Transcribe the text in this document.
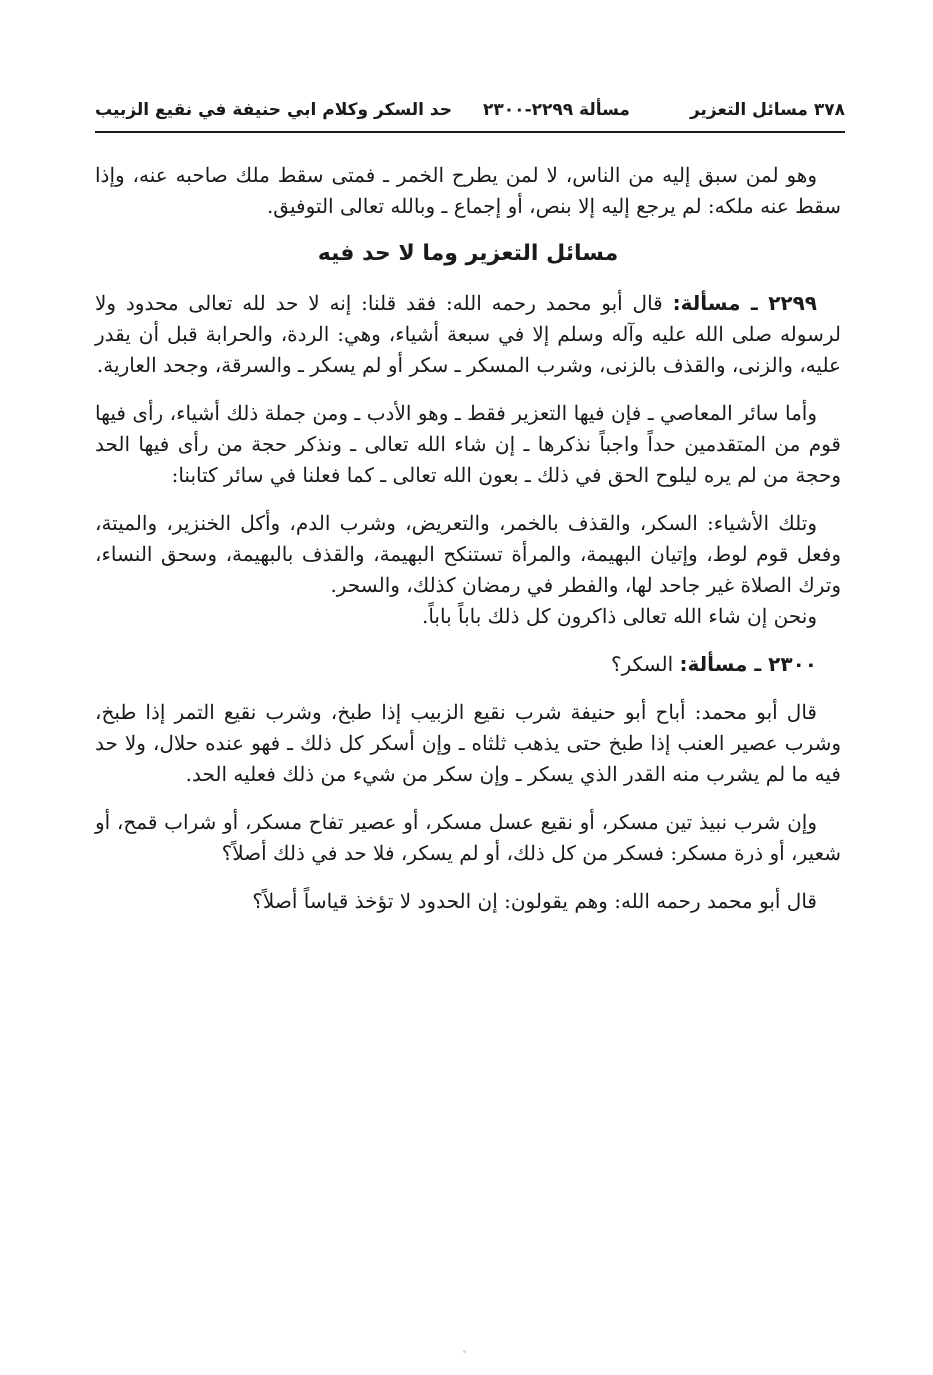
٣٧٨ مسائل التعزير
مسألة ٢٢٩٩-٢٣٠٠
حد السكر وكلام ابي حنيفة في نقيع الزبيب

وهو لمن سبق إليه من الناس، لا لمن يطرح الخمر ـ فمتى سقط ملك صاحبه عنه، وإذا سقط عنه ملكه: لم يرجع إليه إلا بنص، أو إجماع ـ وبالله تعالى التوفيق.

مسائل التعزير وما لا حد فيه

٢٢٩٩ ـ مسألة: قال أبو محمد رحمه الله: فقد قلنا: إنه لا حد لله تعالى محدود ولا لرسوله صلى الله عليه وآله وسلم إلا في سبعة أشياء، وهي: الردة، والحرابة قبل أن يقدر عليه، والزنى، والقذف بالزنى، وشرب المسكر ـ سكر أو لم يسكر ـ والسرقة، وجحد العارية.

وأما سائر المعاصي ـ فإن فيها التعزير فقط ـ وهو الأدب ـ ومن جملة ذلك أشياء، رأى فيها قوم من المتقدمين حداً واجباً نذكرها ـ إن شاء الله تعالى ـ ونذكر حجة من رأى فيها الحد وحجة من لم يره ليلوح الحق في ذلك ـ بعون الله تعالى ـ كما فعلنا في سائر كتابنا:

وتلك الأشياء: السكر، والقذف بالخمر، والتعريض، وشرب الدم، وأكل الخنزير، والميتة، وفعل قوم لوط، وإتيان البهيمة، والمرأة تستنكح البهيمة، والقذف بالبهيمة، وسحق النساء، وترك الصلاة غير جاحد لها، والفطر في رمضان كذلك، والسحر.

ونحن إن شاء الله تعالى ذاكرون كل ذلك باباً باباً.

٢٣٠٠ ـ مسألة: السكر؟

قال أبو محمد: أباح أبو حنيفة شرب نقيع الزبيب إذا طبخ، وشرب نقيع التمر إذا طبخ، وشرب عصير العنب إذا طبخ حتى يذهب ثلثاه ـ وإن أسكر كل ذلك ـ فهو عنده حلال، ولا حد فيه ما لم يشرب منه القدر الذي يسكر ـ وإن سكر من شيء من ذلك فعليه الحد.

وإن شرب نبيذ تين مسكر، أو نقيع عسل مسكر، أو عصير تفاح مسكر، أو شراب قمح، أو شعير، أو ذرة مسكر: فسكر من كل ذلك، أو لم يسكر، فلا حد في ذلك أصلاً؟

قال أبو محمد رحمه الله: وهم يقولون: إن الحدود لا تؤخذ قياساً أصلاً؟
